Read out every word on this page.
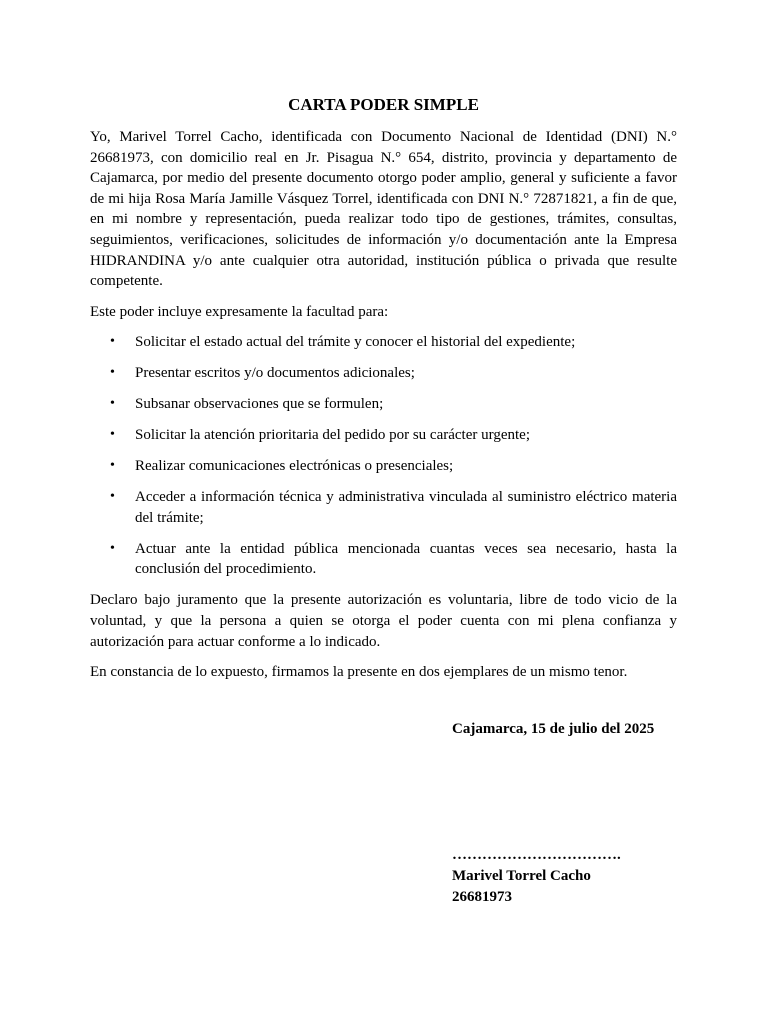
CARTA PODER SIMPLE

Yo, Marivel Torrel Cacho, identificada con Documento Nacional de Identidad (DNI) N.° 26681973, con domicilio real en Jr. Pisagua N.° 654, distrito, provincia y departamento de Cajamarca, por medio del presente documento otorgo poder amplio, general y suficiente a favor de mi hija Rosa María Jamille Vásquez Torrel, identificada con DNI N.° 72871821, a fin de que, en mi nombre y representación, pueda realizar todo tipo de gestiones, trámites, consultas, seguimientos, verificaciones, solicitudes de información y/o documentación ante la Empresa HIDRANDINA y/o ante cualquier otra autoridad, institución pública o privada que resulte competente.

Este poder incluye expresamente la facultad para:

• Solicitar el estado actual del trámite y conocer el historial del expediente;
• Presentar escritos y/o documentos adicionales;
• Subsanar observaciones que se formulen;
• Solicitar la atención prioritaria del pedido por su carácter urgente;
• Realizar comunicaciones electrónicas o presenciales;
• Acceder a información técnica y administrativa vinculada al suministro eléctrico materia del trámite;
• Actuar ante la entidad pública mencionada cuantas veces sea necesario, hasta la conclusión del procedimiento.

Declaro bajo juramento que la presente autorización es voluntaria, libre de todo vicio de la voluntad, y que la persona a quien se otorga el poder cuenta con mi plena confianza y autorización para actuar conforme a lo indicado.

En constancia de lo expuesto, firmamos la presente en dos ejemplares de un mismo tenor.

Cajamarca, 15 de julio del 2025
…………………………….
Marivel Torrel Cacho
26681973
